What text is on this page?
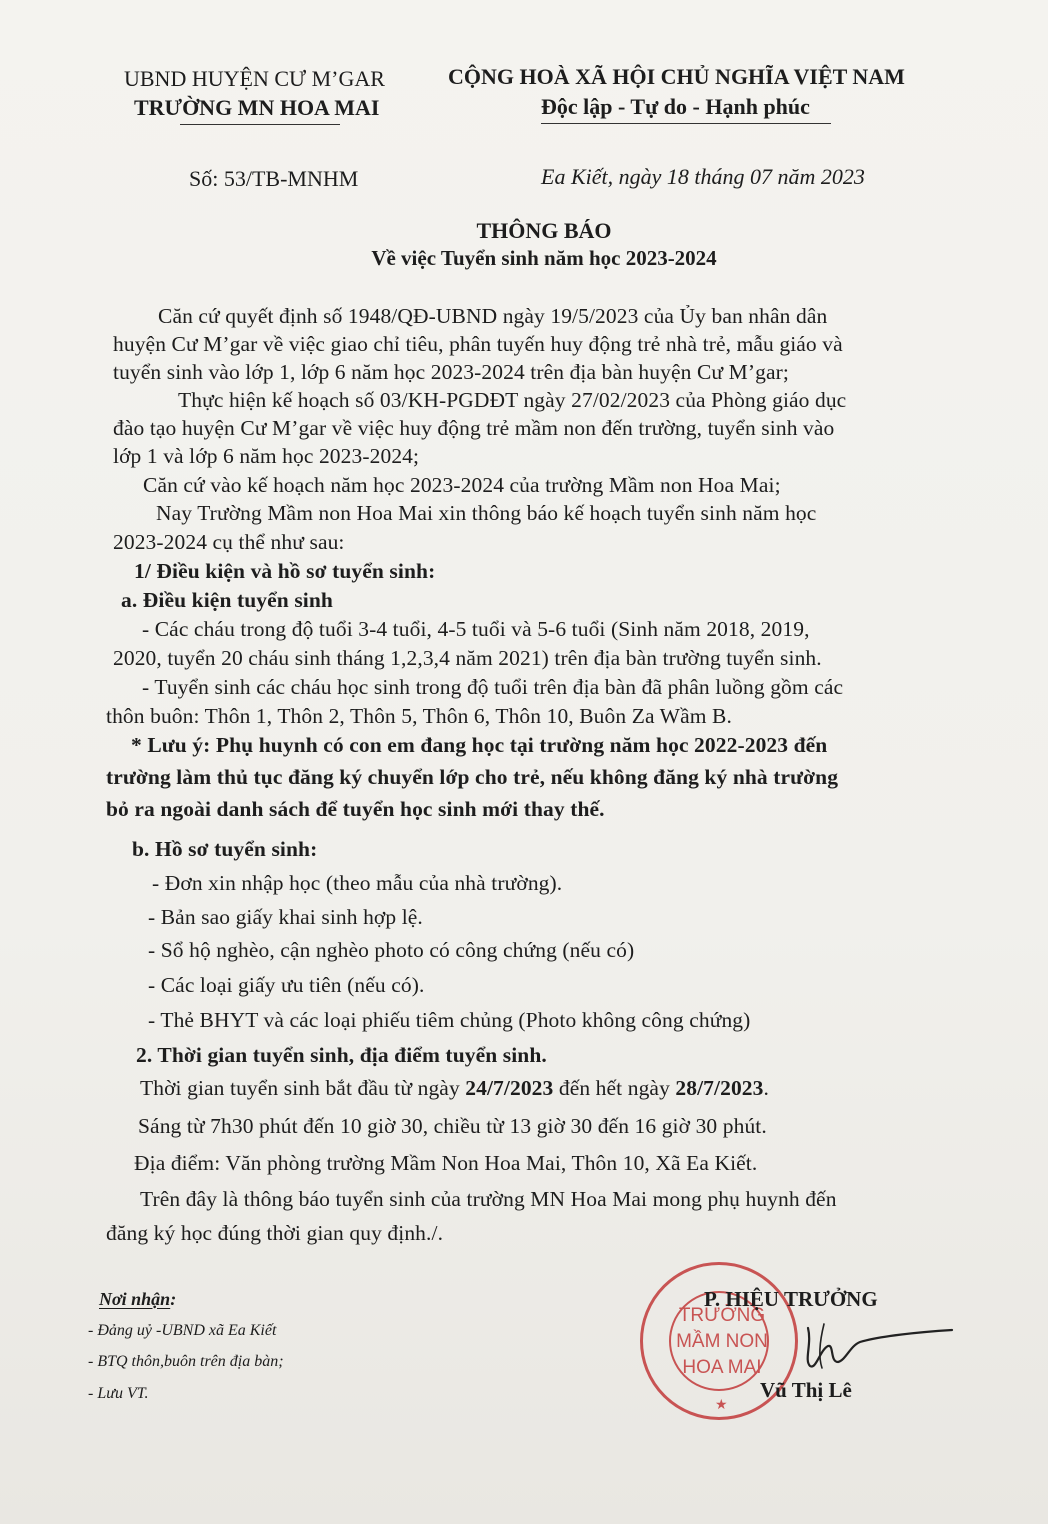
UBND HUYỆN CƯ M’GAR
TRƯỜNG MN HOA MAI
CỘNG HOÀ XÃ HỘI CHỦ NGHĨA VIỆT NAM
Độc lập - Tự do - Hạnh phúc
Số: 53/TB-MNHM	Ea Kiết, ngày 18 tháng 07 năm 2023
THÔNG BÁO
Về việc Tuyển sinh năm học 2023-2024
Căn cứ quyết định số 1948/QĐ-UBND ngày 19/5/2023 của Ủy ban nhân dân
huyện Cư M’gar về việc giao chỉ tiêu, phân tuyến huy động trẻ nhà trẻ, mẫu giáo và
tuyển sinh vào lớp 1, lớp 6 năm học 2023-2024 trên địa bàn huyện Cư M’gar;
Thực hiện kế hoạch số 03/KH-PGDĐT ngày 27/02/2023 của Phòng giáo dục
đào tạo huyện Cư M’gar về việc huy động trẻ mầm non đến trường, tuyển sinh vào
lớp 1 và lớp 6 năm học 2023-2024;
Căn cứ vào kế hoạch năm học 2023-2024 của trường Mầm non Hoa Mai;
Nay Trường Mầm non Hoa Mai xin thông báo kế hoạch tuyển sinh năm học
2023-2024 cụ thể như sau:
1/ Điều kiện và hồ sơ tuyển sinh:
a. Điều kiện tuyển sinh
- Các cháu trong độ tuổi 3-4 tuổi, 4-5 tuổi và 5-6 tuổi (Sinh năm 2018, 2019,
2020, tuyển 20 cháu sinh tháng 1,2,3,4 năm 2021) trên địa bàn trường tuyển sinh.
- Tuyển sinh các cháu học sinh trong độ tuổi trên địa bàn đã phân luồng gồm các
thôn buôn: Thôn 1, Thôn 2, Thôn 5, Thôn 6, Thôn 10, Buôn Za Wầm B.
* Lưu ý: Phụ huynh có con em đang học tại trường năm học 2022-2023 đến
trường làm thủ tục đăng ký chuyển lớp cho trẻ, nếu không đăng ký nhà trường
bỏ ra ngoài danh sách để tuyển học sinh mới thay thế.
b. Hồ sơ tuyển sinh:
- Đơn xin nhập học (theo mẫu của nhà trường).
- Bản sao giấy khai sinh hợp lệ.
- Sổ hộ nghèo, cận nghèo photo có công chứng (nếu có)
- Các loại giấy ưu tiên (nếu có).
- Thẻ BHYT và các loại phiếu tiêm chủng (Photo không công chứng)
2. Thời gian tuyển sinh, địa điểm tuyển sinh.
Thời gian tuyển sinh bắt đầu từ ngày 24/7/2023 đến hết ngày 28/7/2023.
Sáng từ 7h30 phút đến 10 giờ 30, chiều từ 13 giờ 30 đến 16 giờ 30 phút.
Địa điểm: Văn phòng trường Mầm Non Hoa Mai, Thôn 10, Xã Ea Kiết.
Trên đây là thông báo tuyển sinh của trường MN Hoa Mai mong phụ huynh đến
đăng ký học đúng thời gian quy định./.
Nơi nhận:
- Đảng uỷ -UBND xã Ea Kiết
- BTQ thôn,buôn trên địa bàn;
- Lưu VT.
TRƯỜNG
MẦM NON
HOA MAI
★
P. HIỆU TRƯỞNG
Vũ Thị Lê
